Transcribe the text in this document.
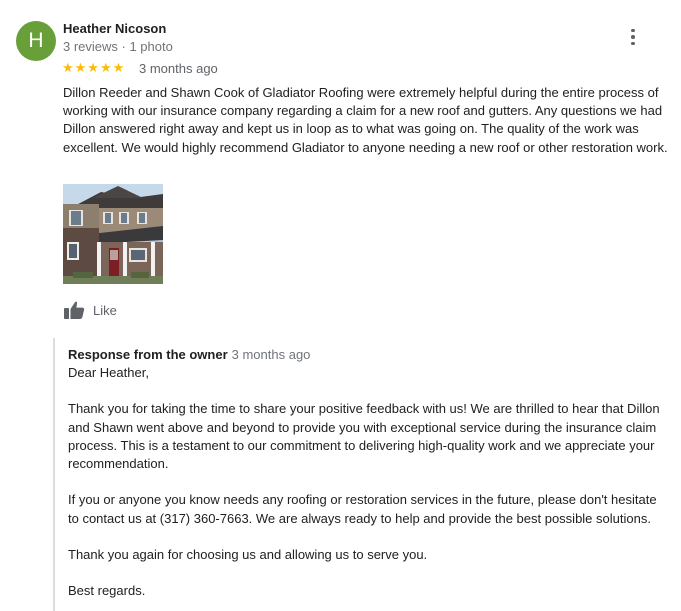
H
Heather Nicoson
3 reviews · 1 photo
★★★★★ 3 months ago

Dillon Reeder and Shawn Cook of Gladiator Roofing were extremely helpful during the entire process of working with our insurance company regarding a claim for a new roof and gutters. Any questions we had Dillon answered right away and kept us in loop as to what was going on. The quality of the work was excellent. We would highly recommend Gladiator to anyone needing a new roof or other restoration work.

Like
Response from the owner 3 months ago

Dear Heather,

Thank you for taking the time to share your positive feedback with us! We are thrilled to hear that Dillon and Shawn went above and beyond to provide you with exceptional service during the insurance claim process. This is a testament to our commitment to delivering high-quality work and we appreciate your recommendation.

If you or anyone you know needs any roofing or restoration services in the future, please don't hesitate to contact us at (317) 360-7663. We are always ready to help and provide the best possible solutions.

Thank you again for choosing us and allowing us to serve you.

Best regards.
